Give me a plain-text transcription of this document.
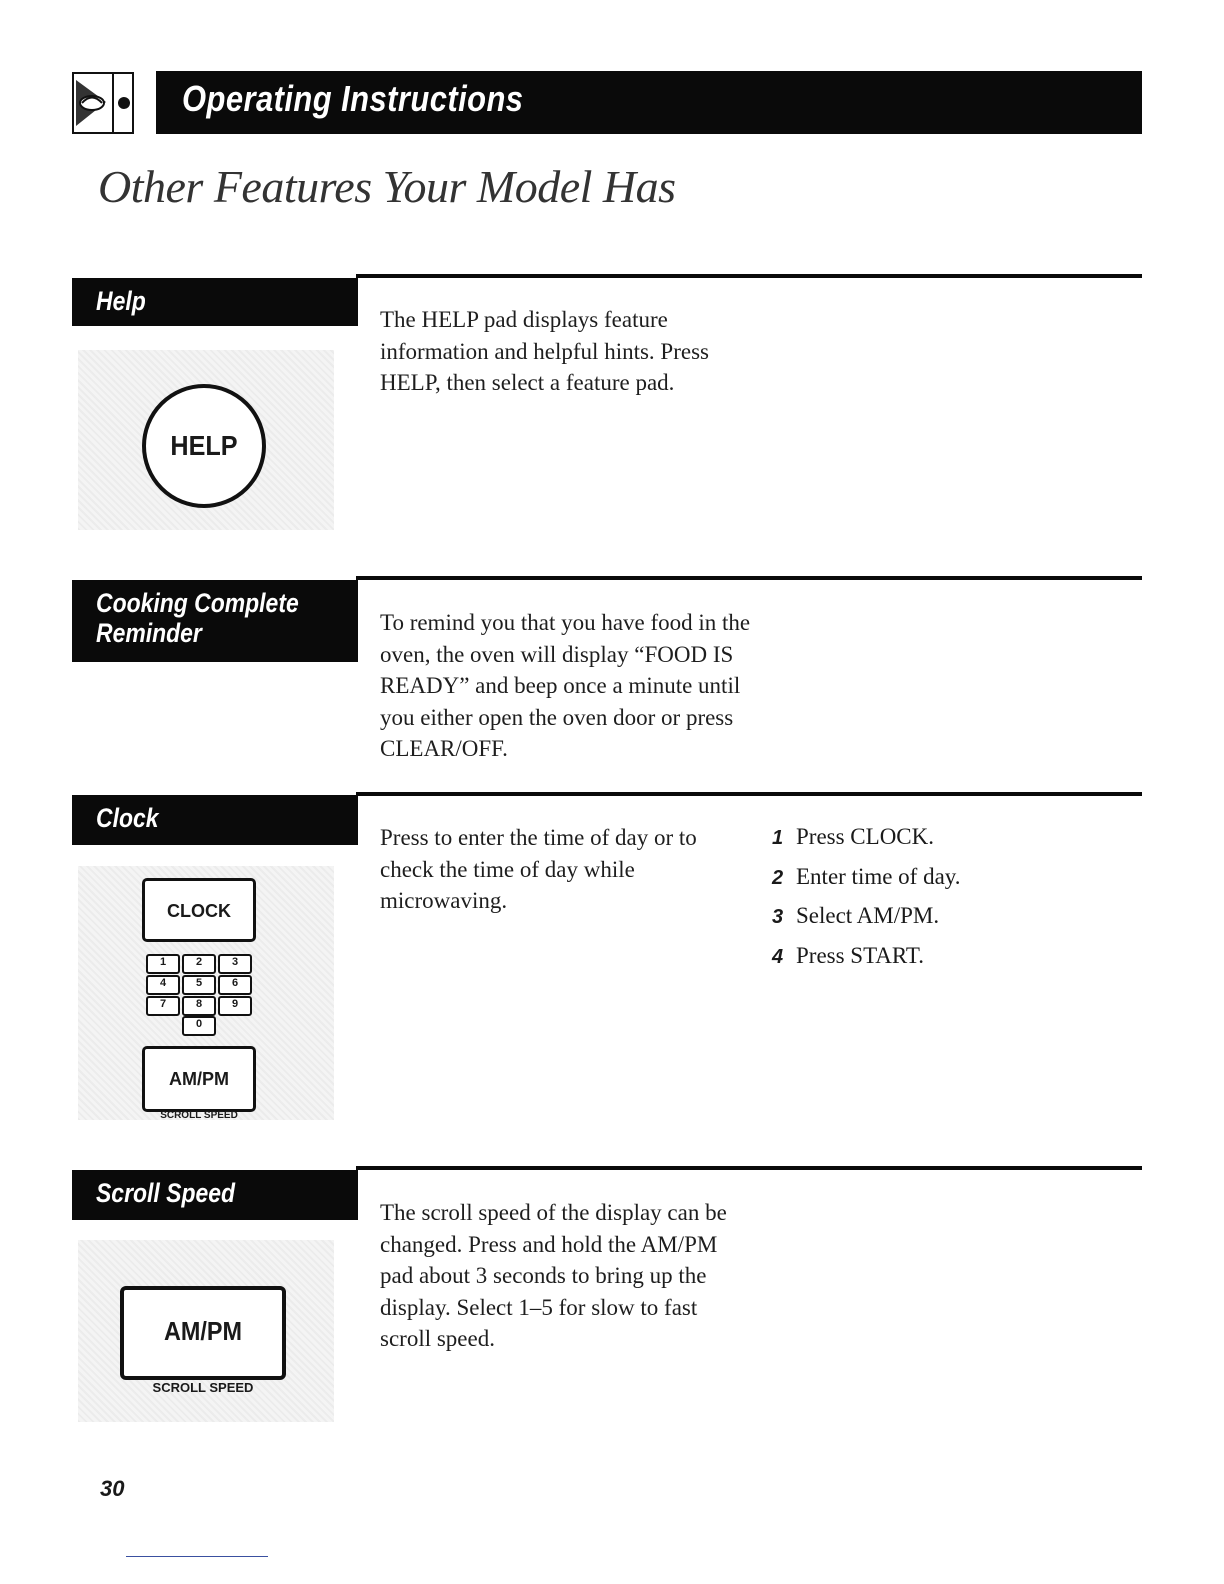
Operating Instructions
Other Features Your Model Has
Help
The HELP pad displays feature information and helpful hints. Press HELP, then select a feature pad.
HELP
Cooking Complete
Reminder	To remind you that you have food in the oven, the oven will display “FOOD IS READY” and beep once a minute until you either open the oven door or press CLEAR/OFF.
Clock
Press to enter the time of day or to check the time of day while microwaving.
CLOCK
1	2	3
4	5	6
7	8	9
0
AM/PM
SCROLL SPEED
1 Press CLOCK.
2 Enter time of day.
3 Select AM/PM.
4 Press START.
Scroll Speed
The scroll speed of the display can be changed. Press and hold the AM/PM pad about 3 seconds to bring up the display. Select 1–5 for slow to fast scroll speed.
AM/PM
SCROLL SPEED
30
